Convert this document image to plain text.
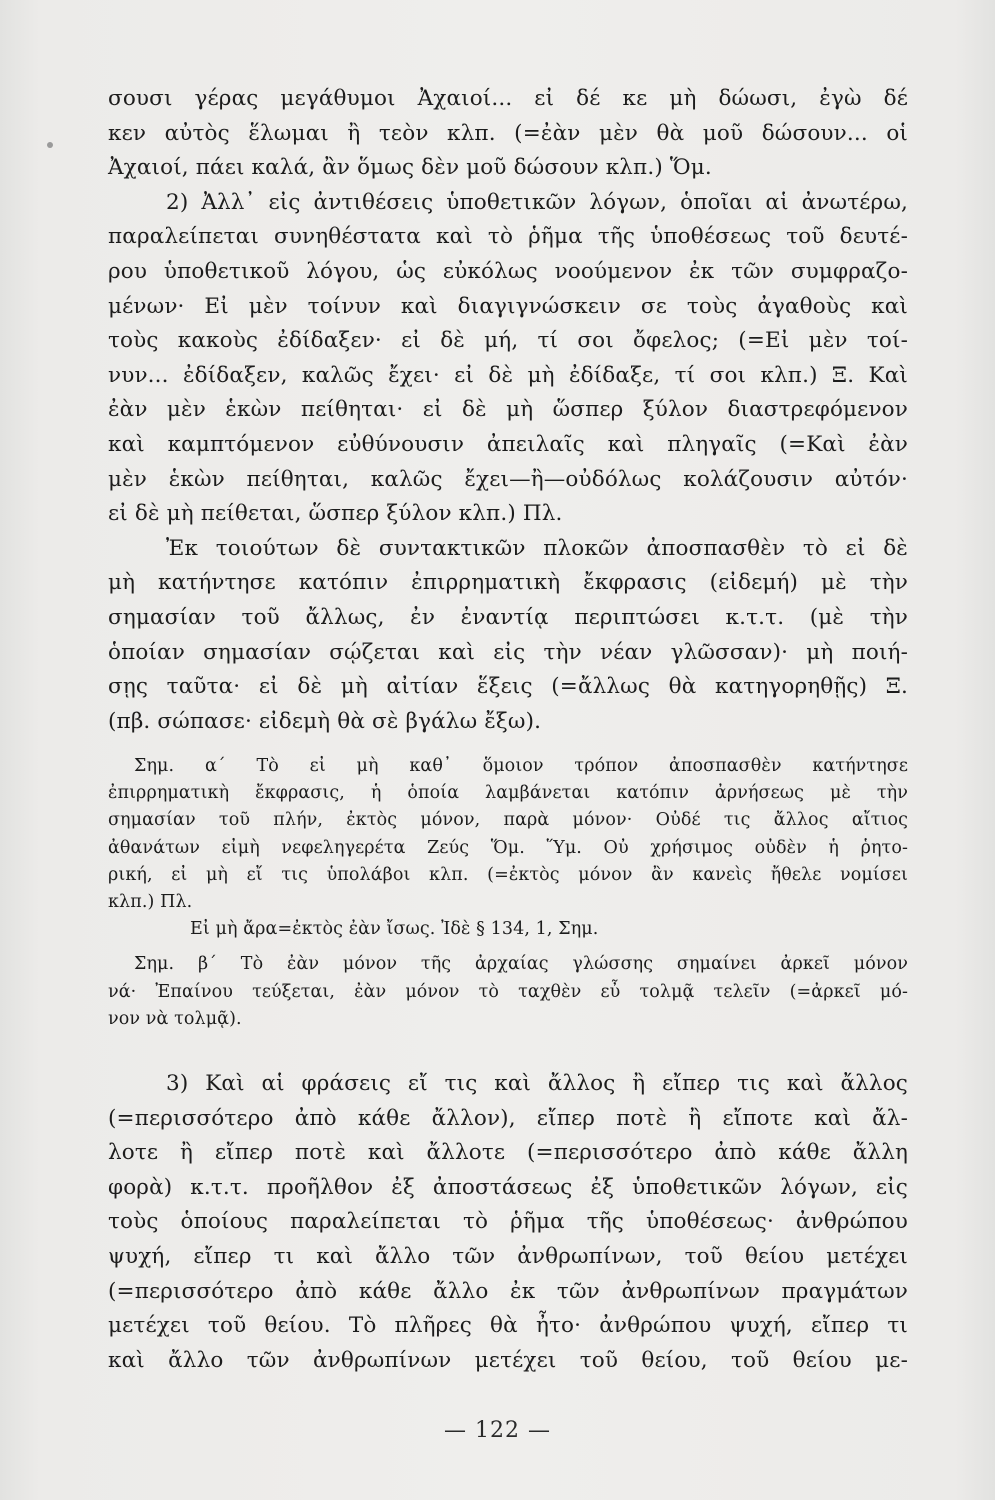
σουσι γέρας μεγάθυμοι Ἀχαιοί... εἰ δέ κε μὴ δώωσι, ἐγὼ δέ
κεν αὐτὸς ἕλωμαι ἢ τεὸν κλπ. (=ἐὰν μὲν θὰ μοῦ δώσουν... οἱ
Ἀχαιοί, πάει καλά, ἂν ὅμως δὲν μοῦ δώσουν κλπ.) Ὅμ.
2) Ἀλλ᾽ εἰς ἀντιθέσεις ὑποθετικῶν λόγων, ὁποῖαι αἱ ἀνωτέρω,
παραλείπεται συνηθέστατα καὶ τὸ ῥῆμα τῆς ὑποθέσεως τοῦ δευτέ-
ρου ὑποθετικοῦ λόγου, ὡς εὐκόλως νοούμενον ἐκ τῶν συμφραζο-
μένων· Εἰ μὲν τοίνυν καὶ διαγιγνώσκειν σε τοὺς ἀγαθοὺς καὶ
τοὺς κακοὺς ἐδίδαξεν· εἰ δὲ μή, τί σοι ὄφελος; (=Εἰ μὲν τοί-
νυν... ἐδίδαξεν, καλῶς ἔχει· εἰ δὲ μὴ ἐδίδαξε, τί σοι κλπ.) Ξ. Καὶ
ἐὰν μὲν ἑκὼν πείθηται· εἰ δὲ μὴ ὥσπερ ξύλον διαστρεφόμενον
καὶ καμπτόμενον εὐθύνουσιν ἀπειλαῖς καὶ πληγαῖς (=Καὶ ἐὰν
μὲν ἑκὼν πείθηται, καλῶς ἔχει—ἢ—οὐδόλως κολάζουσιν αὐτόν·
εἰ δὲ μὴ πείθεται, ὥσπερ ξύλον κλπ.) Πλ.
Ἐκ τοιούτων δὲ συντακτικῶν πλοκῶν ἀποσπασθὲν τὸ εἰ δὲ
μὴ κατήντησε κατόπιν ἐπιρρηματικὴ ἔκφρασις (εἰδεμή) μὲ τὴν
σημασίαν τοῦ ἄλλως, ἐν ἐναντίᾳ περιπτώσει κ.τ.τ. (μὲ τὴν
ὁποίαν σημασίαν σῴζεται καὶ εἰς τὴν νέαν γλῶσσαν)· μὴ ποιή-
σῃς ταῦτα· εἰ δὲ μὴ αἰτίαν ἕξεις (=ἄλλως θὰ κατηγορηθῇς) Ξ.
(πβ. σώπασε· εἰδεμὴ θὰ σὲ βγάλω ἔξω).
Σημ. α΄ Τὸ εἰ μὴ καθ᾽ ὅμοιον τρόπον ἀποσπασθὲν κατήντησε
ἐπιρρηματικὴ ἔκφρασις, ἡ ὁποία λαμβάνεται κατόπιν ἀρνήσεως μὲ τὴν
σημασίαν τοῦ πλήν, ἐκτὸς μόνον, παρὰ μόνον· Οὐδέ τις ἄλλος αἴτιος
ἀθανάτων εἰμὴ νεφεληγερέτα Ζεύς Ὅμ. Ὕμ. Οὐ χρήσιμος οὐδὲν ἡ ῥητο-
ρική, εἰ μὴ εἴ τις ὑπολάβοι κλπ. (=ἐκτὸς μόνον ἂν κανεὶς ἤθελε νομίσει
κλπ.) Πλ.
Εἰ μὴ ἄρα=ἐκτὸς ἐὰν ἴσως. Ἰδὲ § 134, 1, Σημ.
Σημ. β΄ Τὸ ἐὰν μόνον τῆς ἀρχαίας γλώσσης σημαίνει ἀρκεῖ μόνον
νά· Ἐπαίνου τεύξεται, ἐὰν μόνον τὸ ταχθὲν εὖ τολμᾷ τελεῖν (=ἀρκεῖ μό-
νον νὰ τολμᾷ).
3) Καὶ αἱ φράσεις εἴ τις καὶ ἄλλος ἢ εἴπερ τις καὶ ἄλλος
(=περισσότερο ἀπὸ κάθε ἄλλον), εἴπερ ποτὲ ἢ εἴποτε καὶ ἄλ-
λοτε ἢ εἴπερ ποτὲ καὶ ἄλλοτε (=περισσότερο ἀπὸ κάθε ἄλλη
φορὰ) κ.τ.τ. προῆλθον ἐξ ἀποστάσεως ἐξ ὑποθετικῶν λόγων, εἰς
τοὺς ὁποίους παραλείπεται τὸ ῥῆμα τῆς ὑποθέσεως· ἀνθρώπου
ψυχή, εἴπερ τι καὶ ἄλλο τῶν ἀνθρωπίνων, τοῦ θείου μετέχει
(=περισσότερο ἀπὸ κάθε ἄλλο ἐκ τῶν ἀνθρωπίνων πραγμάτων
μετέχει τοῦ θείου. Τὸ πλῆρες θὰ ἦτο· ἀνθρώπου ψυχή, εἴπερ τι
καὶ ἄλλο τῶν ἀνθρωπίνων μετέχει τοῦ θείου, τοῦ θείου με-
— 122 —
